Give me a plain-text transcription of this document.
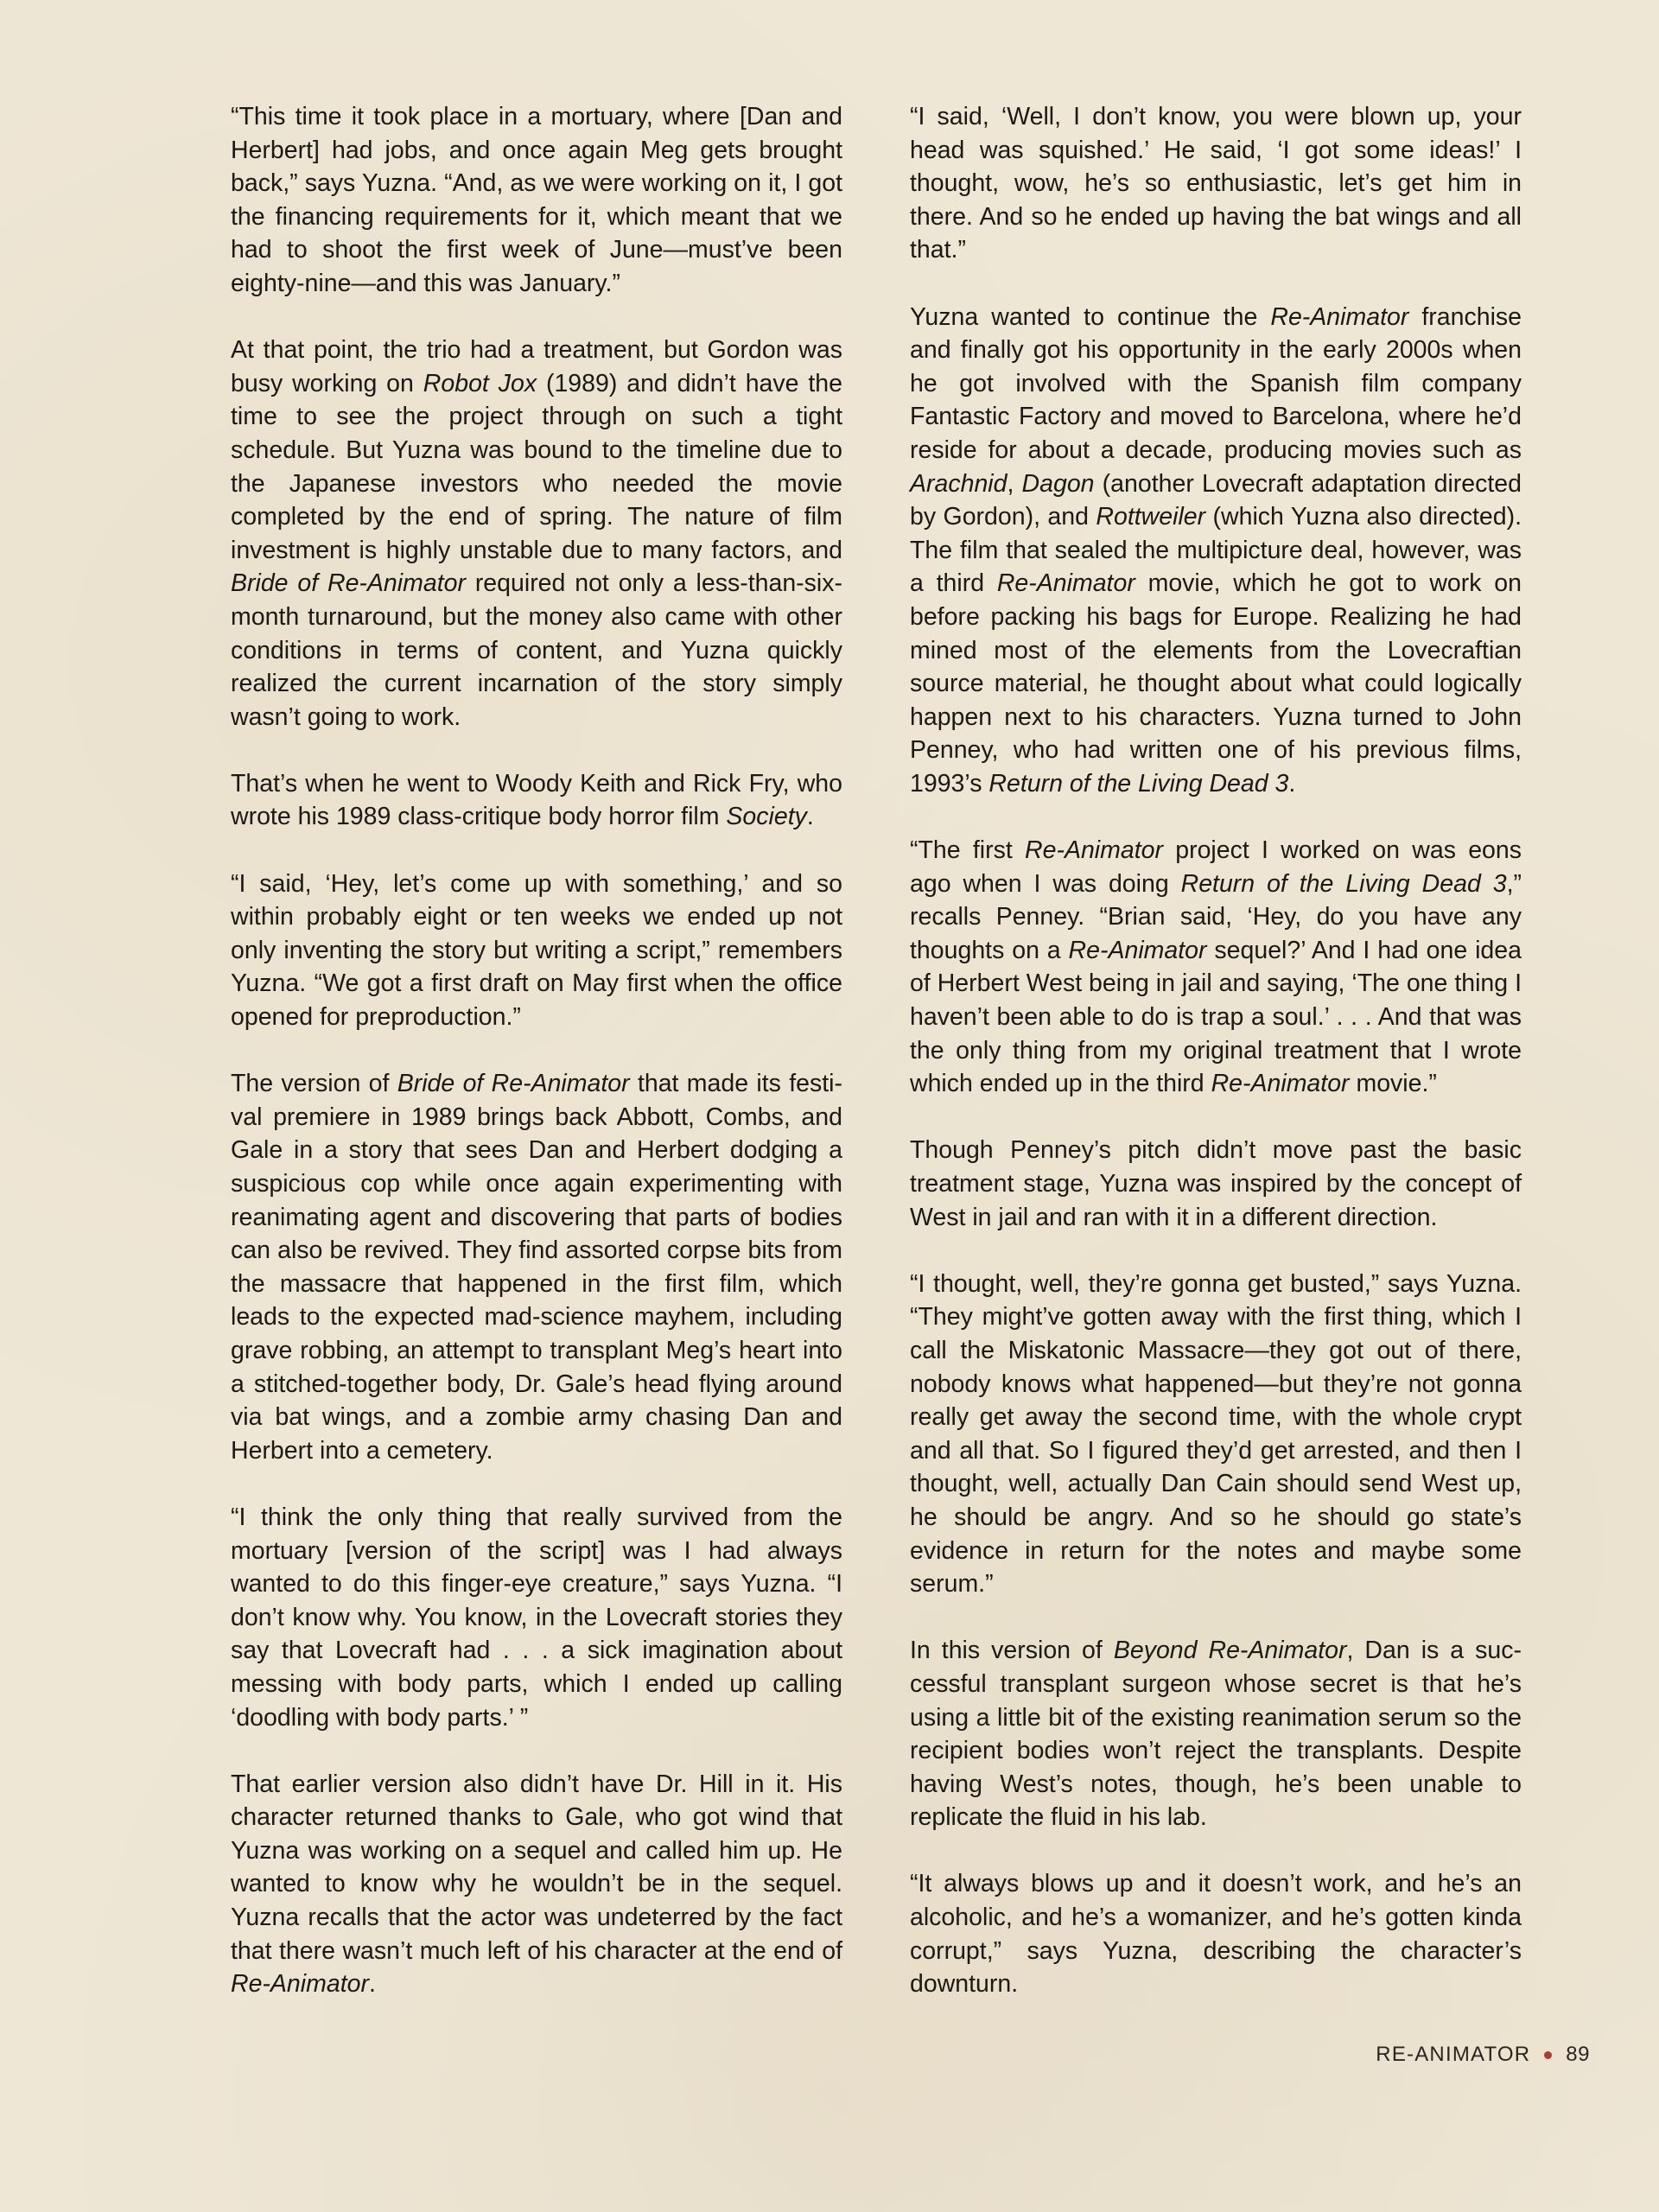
“This time it took place in a mortuary, where [Dan and Herbert] had jobs, and once again Meg gets brought back,” says Yuzna. “And, as we were working on it, I got the financing requirements for it, which meant that we had to shoot the first week of June—must’ve been eighty-nine—and this was January.”

At that point, the trio had a treatment, but Gordon was busy working on Robot Jox (1989) and didn’t have the time to see the project through on such a tight schedule. But Yuzna was bound to the timeline due to the Japanese investors who needed the movie completed by the end of spring. The nature of film investment is highly unstable due to many factors, and Bride of Re-Animator required not only a less-than-six-month turnaround, but the money also came with other conditions in terms of content, and Yuzna quickly realized the current incarnation of the story simply wasn’t going to work.

That’s when he went to Woody Keith and Rick Fry, who wrote his 1989 class-critique body horror film Society.

“I said, ‘Hey, let’s come up with something,’ and so within probably eight or ten weeks we ended up not only inventing the story but writing a script,” remembers Yuzna. “We got a first draft on May first when the office opened for preproduction.”

The version of Bride of Re-Animator that made its festival premiere in 1989 brings back Abbott, Combs, and Gale in a story that sees Dan and Herbert dodging a suspicious cop while once again experimenting with reanimating agent and discovering that parts of bodies can also be revived. They find assorted corpse bits from the massacre that happened in the first film, which leads to the expected mad-science mayhem, including grave robbing, an attempt to transplant Meg’s heart into a stitched-together body, Dr. Gale’s head flying around via bat wings, and a zombie army chasing Dan and Herbert into a cemetery.

“I think the only thing that really survived from the mortuary [version of the script] was I had always wanted to do this finger-eye creature,” says Yuzna. “I don’t know why. You know, in the Lovecraft stories they say that Lovecraft had . . . a sick imagination about messing with body parts, which I ended up calling ‘doodling with body parts.’ ”

That earlier version also didn’t have Dr. Hill in it. His character returned thanks to Gale, who got wind that Yuzna was working on a sequel and called him up. He wanted to know why he wouldn’t be in the sequel. Yuzna recalls that the actor was undeterred by the fact that there wasn’t much left of his character at the end of Re-Animator.

“I said, ‘Well, I don’t know, you were blown up, your head was squished.’ He said, ‘I got some ideas!’ I thought, wow, he’s so enthusiastic, let’s get him in there. And so he ended up having the bat wings and all that.”

Yuzna wanted to continue the Re-Animator franchise and finally got his opportunity in the early 2000s when he got involved with the Spanish film company Fantastic Factory and moved to Barcelona, where he’d reside for about a decade, producing movies such as Arachnid, Dagon (another Lovecraft adaptation directed by Gordon), and Rottweiler (which Yuzna also directed). The film that sealed the multipicture deal, however, was a third Re-Animator movie, which he got to work on before packing his bags for Europe. Realizing he had mined most of the elements from the Lovecraftian source material, he thought about what could logically happen next to his characters. Yuzna turned to John Penney, who had written one of his previous films, 1993’s Return of the Living Dead 3.

“The first Re-Animator project I worked on was eons ago when I was doing Return of the Living Dead 3,” recalls Penney. “Brian said, ‘Hey, do you have any thoughts on a Re-Animator sequel?’ And I had one idea of Herbert West being in jail and saying, ‘The one thing I haven’t been able to do is trap a soul.’ . . . And that was the only thing from my original treatment that I wrote which ended up in the third Re-Animator movie.”

Though Penney’s pitch didn’t move past the basic treatment stage, Yuzna was inspired by the concept of West in jail and ran with it in a different direction.

“I thought, well, they’re gonna get busted,” says Yuzna. “They might’ve gotten away with the first thing, which I call the Miskatonic Massacre—they got out of there, nobody knows what happened—but they’re not gonna really get away the second time, with the whole crypt and all that. So I figured they’d get arrested, and then I thought, well, actually Dan Cain should send West up, he should be angry. And so he should go state’s evidence in return for the notes and maybe some serum.”

In this version of Beyond Re-Animator, Dan is a successful transplant surgeon whose secret is that he’s using a little bit of the existing reanimation serum so the recipient bodies won’t reject the transplants. Despite having West’s notes, though, he’s been unable to replicate the fluid in his lab.

“It always blows up and it doesn’t work, and he’s an alcoholic, and he’s a womanizer, and he’s gotten kinda corrupt,” says Yuzna, describing the character’s downturn.

RE-ANIMATOR 89
